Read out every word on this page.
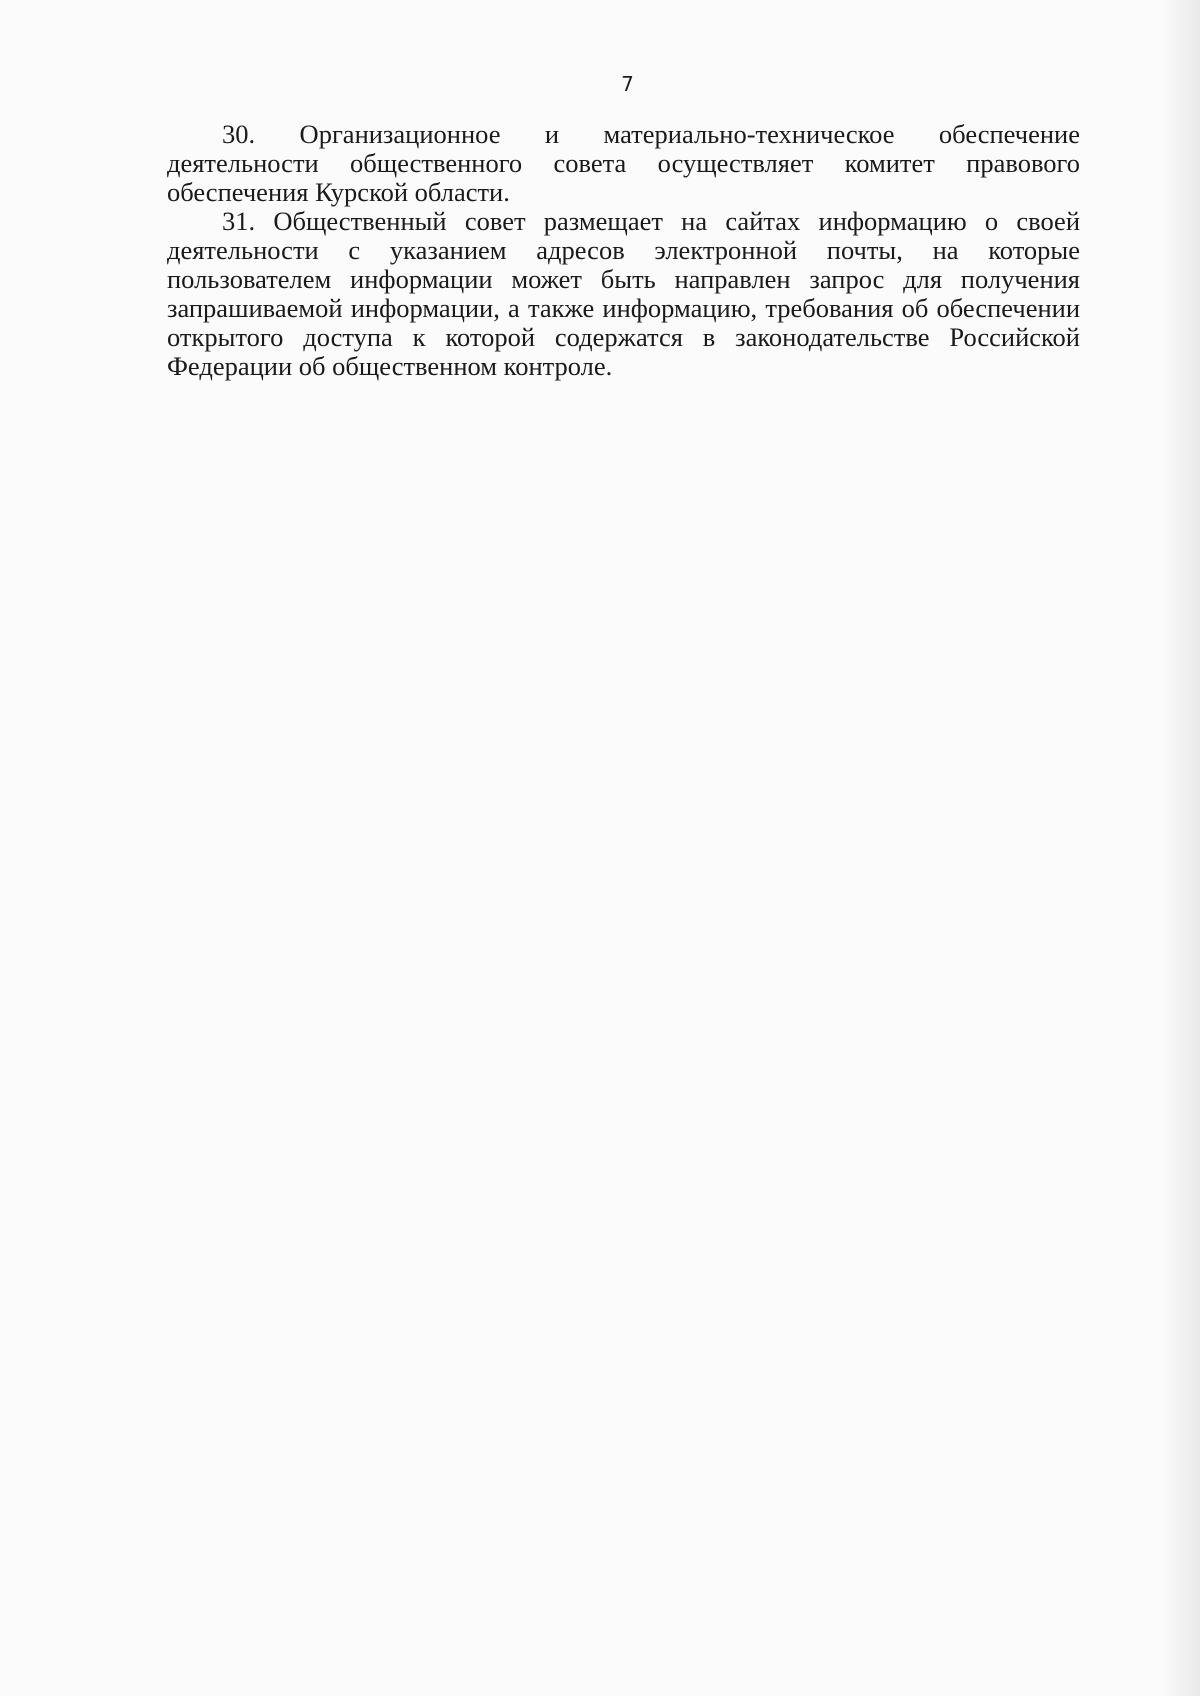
7

30. Организационное и материально-техническое обеспечение деятельности общественного совета осуществляет комитет правового обеспечения Курской области.

31. Общественный совет размещает на сайтах информацию о своей деятельности с указанием адресов электронной почты, на которые пользователем информации может быть направлен запрос для получения запрашиваемой информации, а также информацию, требования об обеспечении открытого доступа к которой содержатся в законодательстве Российской Федерации об общественном контроле.
